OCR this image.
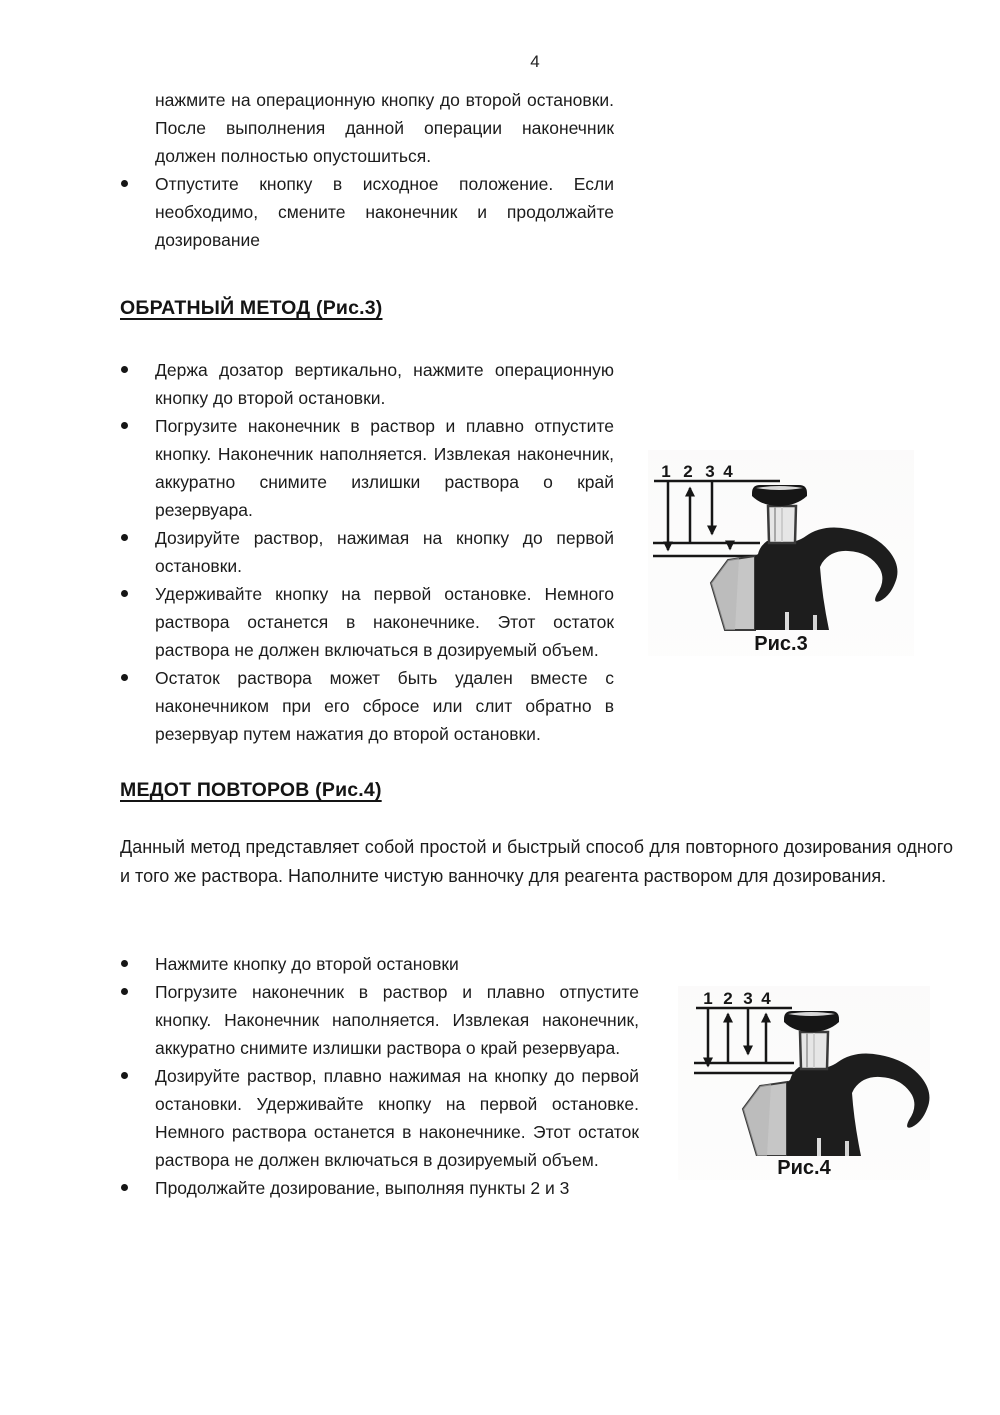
4
нажмите на операционную кнопку до второй остановки. После выполнения данной операции наконечник должен полностью опустошиться.
Отпустите кнопку в исходное положение. Если необходимо, смените наконечник и продолжайте дозирование
ОБРАТНЫЙ МЕТОД (Рис.3)
Держа дозатор вертикально, нажмите операционную кнопку до второй остановки.
Погрузите наконечник в раствор и плавно отпустите кнопку. Наконечник наполняется. Извлекая наконечник, аккуратно снимите излишки раствора о край резервуара.
Дозируйте раствор, нажимая на кнопку до первой остановки.
Удерживайте кнопку на первой остановке. Немного раствора останется в наконечнике. Этот остаток раствора не должен включаться в дозируемый объем.
Остаток раствора может быть удален вместе с наконечником при его сбросе или слит обратно в резервуар путем нажатия до второй остановки.
1 2 3 4
Рис.3
МЕДОТ ПОВТОРОВ (Рис.4)

Данный метод представляет собой простой и быстрый способ для повторного дозирования одного и того же раствора. Наполните чистую ванночку для реагента раствором для дозирования.

Нажмите кнопку до второй остановки
Погрузите наконечник в раствор и плавно отпустите кнопку. Наконечник наполняется. Извлекая наконечник, аккуратно снимите излишки раствора о край резервуара.
Дозируйте раствор, плавно нажимая на кнопку до первой остановки. Удерживайте кнопку на первой остановке. Немного раствора останется в наконечнике. Этот остаток раствора не должен включаться в дозируемый объем.
Продолжайте дозирование, выполняя пункты 2 и 3
1 2 3 4
Рис.4
